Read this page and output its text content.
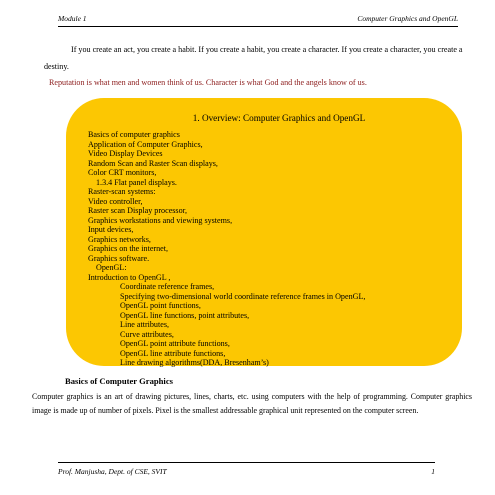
Module 1	Computer Graphics and OpenGL

If you create an act, you create a habit. If you create a habit, you create a character. If you create a character, you create a destiny.

Reputation is what men and women think of us. Character is what God and the angels know of us.

1. Overview: Computer Graphics and OpenGL
Basics of computer graphics
Application of Computer Graphics,
Video Display Devices
Random Scan and Raster Scan displays,
Color CRT monitors,
1.3.4 Flat panel displays.
Raster-scan systems:
Video controller,
Raster scan Display processor,
Graphics workstations and viewing systems,
Input devices,
Graphics networks,
Graphics on the internet,
Graphics software.
OpenGL:
Introduction to OpenGL ,
Coordinate reference frames,
Specifying two-dimensional world coordinate reference frames in OpenGL,
OpenGL point functions,
OpenGL line functions, point attributes,
Line attributes,
Curve attributes,
OpenGL point attribute functions,
OpenGL line attribute functions,
Line drawing algorithms(DDA, Bresenham’s)
Basics of Computer Graphics

Computer graphics is an art of drawing pictures, lines, charts, etc. using computers with the help of programming. Computer graphics image is made up of number of pixels. Pixel is the smallest addressable graphical unit represented on the computer screen.

Prof. Manjusha, Dept. of CSE, SVIT	1
